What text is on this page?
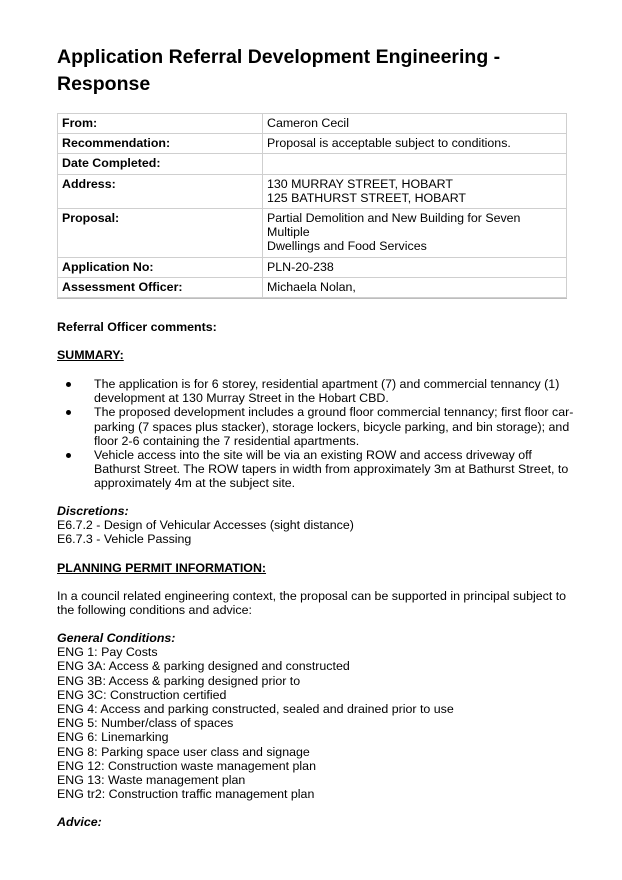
Application Referral Development Engineering - Response
From:	Cameron Cecil

Recommendation:	Proposal is acceptable subject to conditions.

Date Completed:	

Address:	130 MURRAY STREET, HOBART
125 BATHURST STREET, HOBART

Proposal:	Partial Demolition and New Building for Seven Multiple
Dwellings and Food Services

Application No:	PLN-20-238

Assessment Officer:	Michaela Nolan,
Referral Officer comments:
SUMMARY:
The application is for 6 storey, residential apartment (7) and commercial tennancy (1)
development at 130 Murray Street in the Hobart CBD.
The proposed development includes a ground floor commercial tennancy; first floor car-
parking (7 spaces plus stacker), storage lockers, bicycle parking, and bin storage); and
floor 2-6 containing the 7 residential apartments.
Vehicle access into the site will be via an existing ROW and access driveway off
Bathurst Street. The ROW tapers in width from approximately 3m at Bathurst Street, to
approximately 4m at the subject site.
Discretions:
E6.7.2 - Design of Vehicular Accesses (sight distance)
E6.7.3 - Vehicle Passing
PLANNING PERMIT INFORMATION:
In a council related engineering context, the proposal can be supported in principal subject to
the following conditions and advice:
General Conditions:
ENG 1: Pay Costs
ENG 3A: Access & parking designed and constructed
ENG 3B: Access & parking designed prior to
ENG 3C: Construction certified
ENG 4: Access and parking constructed, sealed and drained prior to use
ENG 5: Number/class of spaces
ENG 6: Linemarking
ENG 8: Parking space user class and signage
ENG 12: Construction waste management plan
ENG 13: Waste management plan
ENG tr2: Construction traffic management plan
Advice:
